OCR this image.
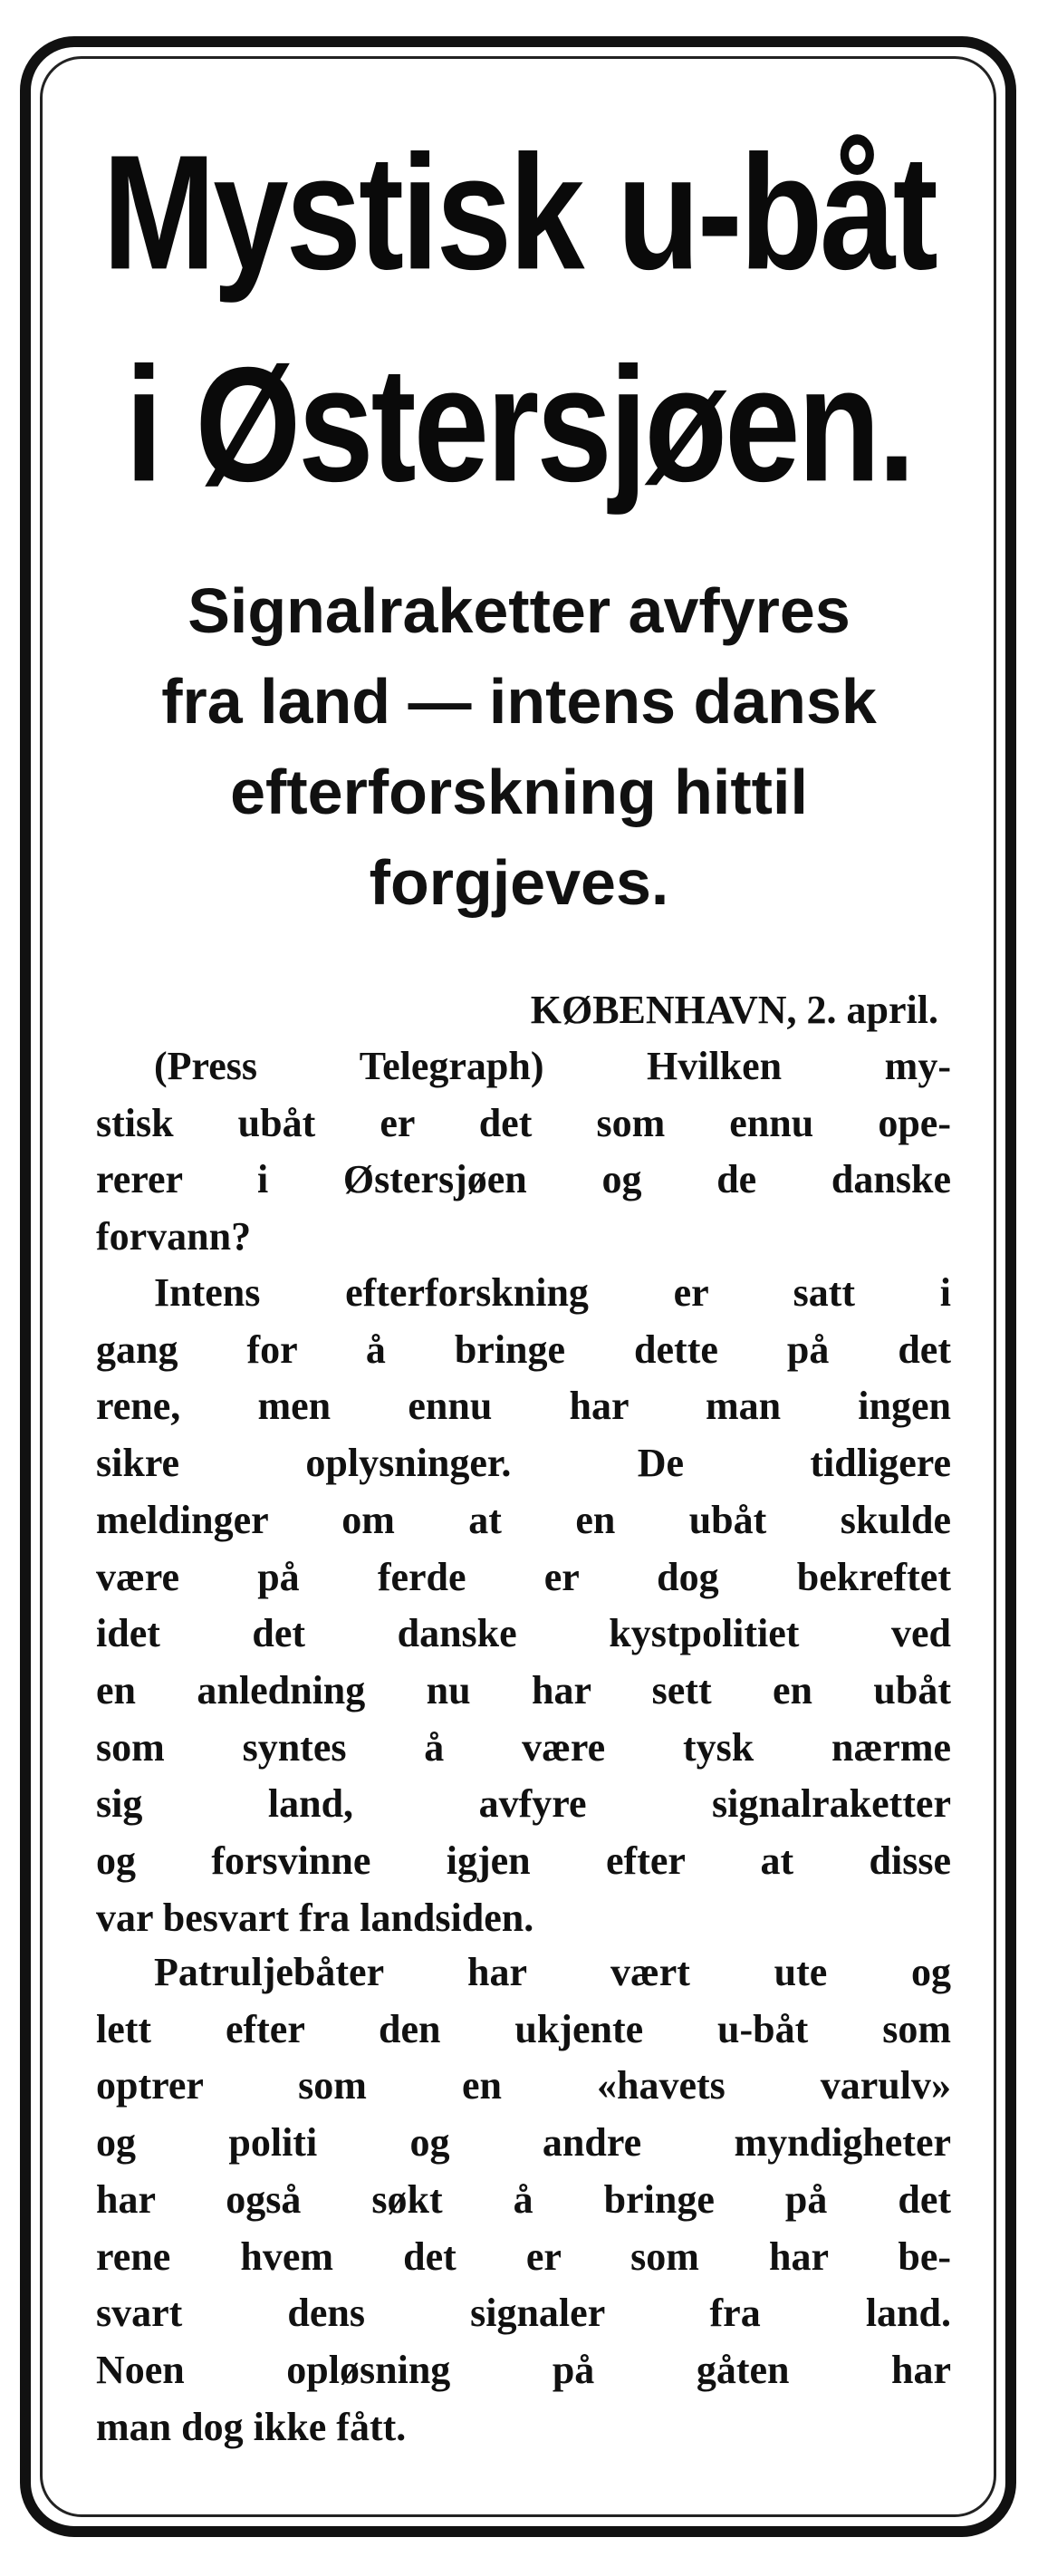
Mystisk u-båt
i Østersjøen.
Signalraketter avfyres
fra land — intens dansk
efterforskning hittil
forgjeves.
KØBENHAVN, 2. april.
(Press Telegraph) Hvilken my-
stisk ubåt er det som ennu ope-
rerer i Østersjøen og de danske
forvann?
Intens efterforskning er satt i
gang for å bringe dette på det
rene, men ennu har man ingen
sikre oplysninger. De tidligere
meldinger om at en ubåt skulde
være på ferde er dog bekreftet
idet det danske kystpolitiet ved
en anledning nu har sett en ubåt
som syntes å være tysk nærme
sig land, avfyre signalraketter
og forsvinne igjen efter at disse
var besvart fra landsiden.
Patruljebåter har vært ute og
lett efter den ukjente u-båt som
optrer som en «havets varulv»
og politi og andre myndigheter
har også søkt å bringe på det
rene hvem det er som har be-
svart dens signaler fra land.
Noen opløsning på gåten har
man dog ikke fått.
